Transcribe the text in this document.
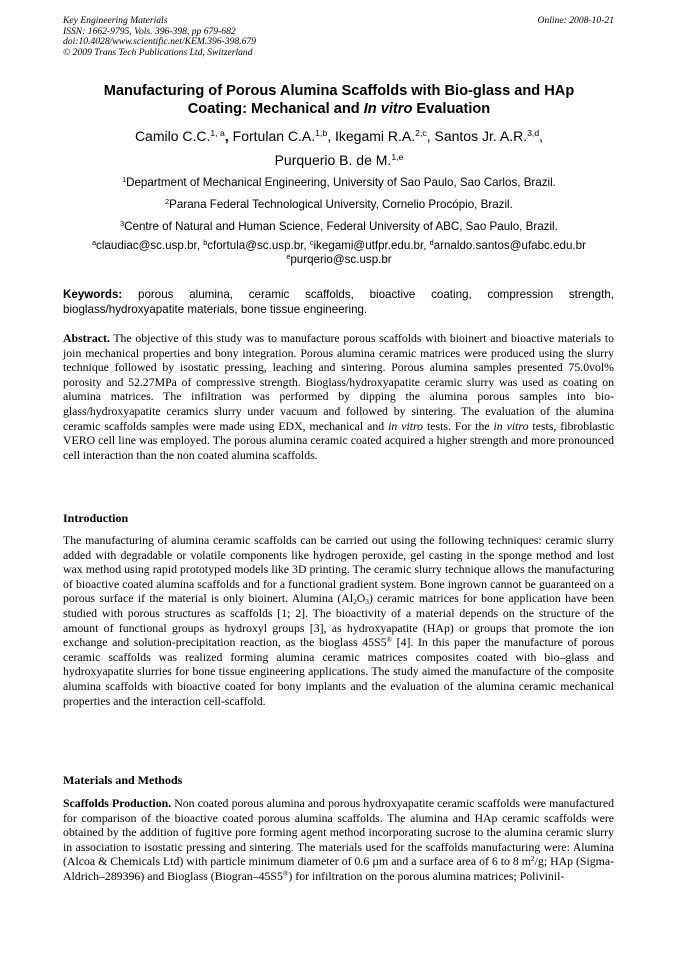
Key Engineering Materials
ISSN: 1662-9795, Vols. 396-398, pp 679-682
doi:10.4028/www.scientific.net/KEM.396-398.679
© 2009 Trans Tech Publications Ltd, Switzerland
Online: 2008-10-21
Manufacturing of Porous Alumina Scaffolds with Bio-glass and HAp
Coating: Mechanical and In vitro Evaluation
Camilo C.C.$^{1, a}$, Fortulan C.A.$^{1,b}$, Ikegami R.A.$^{2,c}$, Santos Jr. A.R.$^{3,d}$,
Purquerio B. de M.$^{1,e}$
$^1$Department of Mechanical Engineering, University of Sao Paulo, Sao Carlos, Brazil.
$^2$Parana Federal Technological University, Cornelio Procópio, Brazil.
$^3$Centre of Natural and Human Science, Federal University of ABC, Sao Paulo, Brazil.
$^a$claudiac@sc.usp.br, $^b$cfortula@sc.usp.br, $^c$ikegami@utfpr.edu.br, $^d$arnaldo.santos@ufabc.edu.br
$^e$purqerio@sc.usp.br
Keywords: porous alumina, ceramic scaffolds, bioactive coating, compression strength, bioglass/hydroxyapatite materials, bone tissue engineering.
Abstract. The objective of this study was to manufacture porous scaffolds with bioinert and bioactive materials to join mechanical properties and bony integration. Porous alumina ceramic matrices were produced using the slurry technique followed by isostatic pressing, leaching and sintering. Porous alumina samples presented 75.0vol% porosity and 52.27MPa of compressive strength. Bioglass/hydroxyapatite ceramic slurry was used as coating on alumina matrices. The infiltration was performed by dipping the alumina porous samples into bio-glass/hydroxyapatite ceramics slurry under vacuum and followed by sintering. The evaluation of the alumina ceramic scaffolds samples were made using EDX, mechanical and in vitro tests. For the in vitro tests, fibroblastic VERO cell line was employed. The porous alumina ceramic coated acquired a higher strength and more pronounced cell interaction than the non coated alumina scaffolds.
Introduction
The manufacturing of alumina ceramic scaffolds can be carried out using the following techniques: ceramic slurry added with degradable or volatile components like hydrogen peroxide, gel casting in the sponge method and lost wax method using rapid prototyped models like 3D printing. The ceramic slurry technique allows the manufacturing of bioactive coated alumina scaffolds and for a functional gradient system. Bone ingrown cannot be guaranteed on a porous surface if the material is only bioinert. Alumina $(Al_2O_3)$ ceramic matrices for bone application have been studied with porous structures as scaffolds [1; 2]. The bioactivity of a material depends on the structure of the amount of functional groups as hydroxyl groups [3], as hydroxyapatite (HAp) or groups that promote the ion exchange and solution-precipitation reaction, as the bioglass 45S5® [4]. In this paper the manufacture of porous ceramic scaffolds was realized forming alumina ceramic matrices composites coated with bio–glass and hydroxyapatite slurries for bone tissue engineering applications. The study aimed the manufacture of the composite alumina scaffolds with bioactive coated for bony implants and the evaluation of the alumina ceramic mechanical properties and the interaction cell-scaffold.
Materials and Methods
Scaffolds Production. Non coated porous alumina and porous hydroxyapatite ceramic scaffolds were manufactured for comparison of the bioactive coated porous alumina scaffolds. The alumina and HAp ceramic scaffolds were obtained by the addition of fugitive pore forming agent method incorporating sucrose to the alumina ceramic slurry in association to isostatic pressing and sintering. The materials used for the scaffolds manufacturing were: Alumina (Alcoa & Chemicals Ltd) with particle minimum diameter of 0.6 µm and a surface area of 6 to 8 $m^2/g$; HAp (Sigma-Aldrich–289396) and Bioglass (Biogran–45S5®) for infiltration on the porous alumina matrices; Polivinil-
